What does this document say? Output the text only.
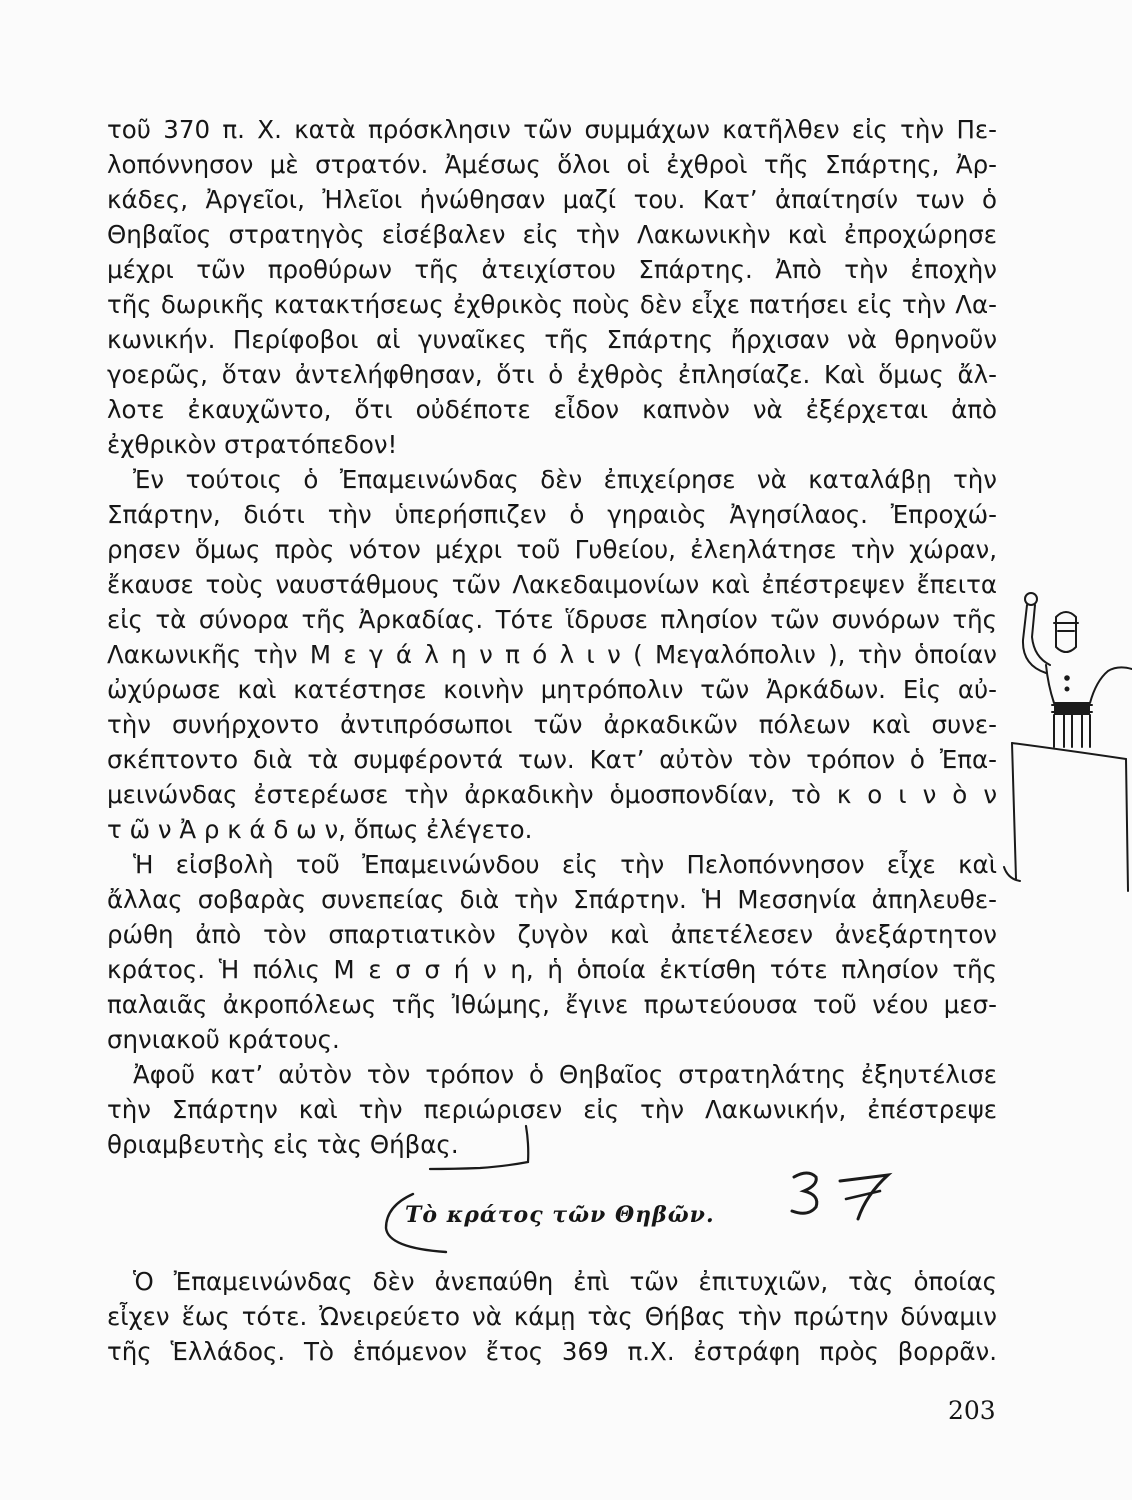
τοῦ 370 π. Χ. κατὰ πρόσκλησιν τῶν συμμάχων κατῆλθεν εἰς τὴν Πε-
λοπόννησον μὲ στρατόν. Ἀμέσως ὅλοι οἱ ἐχθροὶ τῆς Σπάρτης, Ἀρ-
κάδες, Ἀργεῖοι, Ἠλεῖοι ἠνώθησαν μαζί του. Κατ’ ἀπαίτησίν των ὁ
Θηβαῖος στρατηγὸς εἰσέβαλεν εἰς τὴν Λακωνικὴν καὶ ἐπροχώρησε
μέχρι τῶν προθύρων τῆς ἀτειχίστου Σπάρτης. Ἀπὸ τὴν ἐποχὴν
τῆς δωρικῆς κατακτήσεως ἐχθρικὸς ποὺς δὲν εἶχε πατήσει εἰς τὴν Λα-
κωνικήν. Περίφοβοι αἱ γυναῖκες τῆς Σπάρτης ἤρχισαν νὰ θρηνοῦν
γοερῶς, ὅταν ἀντελήφθησαν, ὅτι ὁ ἐχθρὸς ἐπλησίαζε. Καὶ ὅμως ἄλ-
λοτε ἐκαυχῶντο, ὅτι οὐδέποτε εἶδον καπνὸν νὰ ἐξέρχεται ἀπὸ
ἐχθρικὸν στρατόπεδον!
Ἐν τούτοις ὁ Ἐπαμεινώνδας δὲν ἐπιχείρησε νὰ καταλάβῃ τὴν
Σπάρτην, διότι τὴν ὑπερήσπιζεν ὁ γηραιὸς Ἀγησίλαος. Ἐπροχώ-
ρησεν ὅμως πρὸς νότον μέχρι τοῦ Γυθείου, ἐλεηλάτησε τὴν χώραν,
ἔκαυσε τοὺς ναυστάθμους τῶν Λακεδαιμονίων καὶ ἐπέστρεψεν ἔπειτα
εἰς τὰ σύνορα τῆς Ἀρκαδίας. Τότε ἵδρυσε πλησίον τῶν συνόρων τῆς
Λακωνικῆς τὴν Μ ε γ ά λ η ν π ό λ ι ν ( Μεγαλόπολιν ), τὴν ὁποίαν
ὠχύρωσε καὶ κατέστησε κοινὴν μητρόπολιν τῶν Ἀρκάδων. Εἰς αὐ-
τὴν συνήρχοντο ἀντιπρόσωποι τῶν ἀρκαδικῶν πόλεων καὶ συνε-
σκέπτοντο διὰ τὰ συμφέροντά των. Κατ’ αὐτὸν τὸν τρόπον ὁ Ἐπα-
μεινώνδας ἐστερέωσε τὴν ἀρκαδικὴν ὁμοσπονδίαν, τὸ κ ο ι ν ὸ ν
τ ῶ ν Ἀ ρ κ ά δ ω ν, ὅπως ἐλέγετο.
Ἡ εἰσβολὴ τοῦ Ἐπαμεινώνδου εἰς τὴν Πελοπόννησον εἶχε καὶ
ἄλλας σοβαρὰς συνεπείας διὰ τὴν Σπάρτην. Ἡ Μεσσηνία ἀπηλευθε-
ρώθη ἀπὸ τὸν σπαρτιατικὸν ζυγὸν καὶ ἀπετέλεσεν ἀνεξάρτητον
κράτος. Ἡ πόλις Μ ε σ σ ή ν η, ἡ ὁποία ἐκτίσθη τότε πλησίον τῆς
παλαιᾶς ἀκροπόλεως τῆς Ἰθώμης, ἔγινε πρωτεύουσα τοῦ νέου μεσ-
σηνιακοῦ κράτους.
Ἀφοῦ κατ’ αὐτὸν τὸν τρόπον ὁ Θηβαῖος στρατηλάτης ἐξηυτέλισε
τὴν Σπάρτην καὶ τὴν περιώρισεν εἰς τὴν Λακωνικήν, ἐπέστρεψε
θριαμβευτὴς εἰς τὰς Θήβας.
Τὸ κράτος τῶν Θηβῶν.
Ὁ Ἐπαμεινώνδας δὲν ἀνεπαύθη ἐπὶ τῶν ἐπιτυχιῶν, τὰς ὁποίας
εἶχεν ἕως τότε. Ὠνειρεύετο νὰ κάμῃ τὰς Θήβας τὴν πρώτην δύναμιν
τῆς Ἑλλάδος. Τὸ ἑπόμενον ἔτος 369 π.Χ. ἐστράφη πρὸς βορρᾶν.
203
